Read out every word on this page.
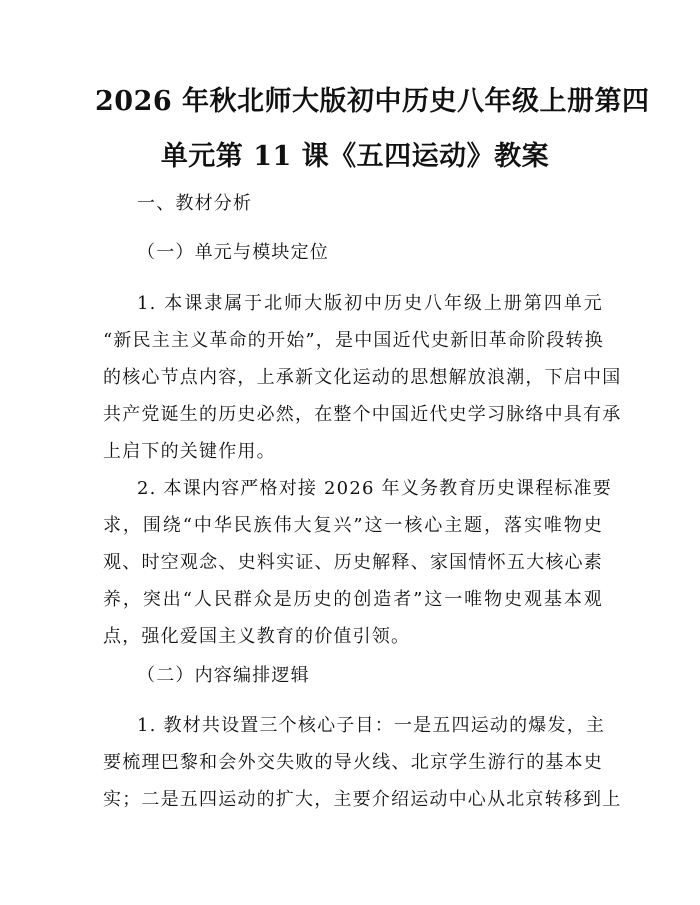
2026 年秋北师大版初中历史八年级上册第四
单元第 11 课《五四运动》教案
一、教材分析
（一）单元与模块定位
1. 本课隶属于北师大版初中历史八年级上册第四单元
“新民主主义革命的开始”，是中国近代史新旧革命阶段转换
的核心节点内容，上承新文化运动的思想解放浪潮，下启中国
共产党诞生的历史必然，在整个中国近代史学习脉络中具有承
上启下的关键作用。
2. 本课内容严格对接 2026 年义务教育历史课程标准要
求，围绕“中华民族伟大复兴”这一核心主题，落实唯物史
观、时空观念、史料实证、历史解释、家国情怀五大核心素
养，突出“人民群众是历史的创造者”这一唯物史观基本观
点，强化爱国主义教育的价值引领。
（二）内容编排逻辑
1. 教材共设置三个核心子目：一是五四运动的爆发，主
要梳理巴黎和会外交失败的导火线、北京学生游行的基本史
实；二是五四运动的扩大，主要介绍运动中心从北京转移到上
